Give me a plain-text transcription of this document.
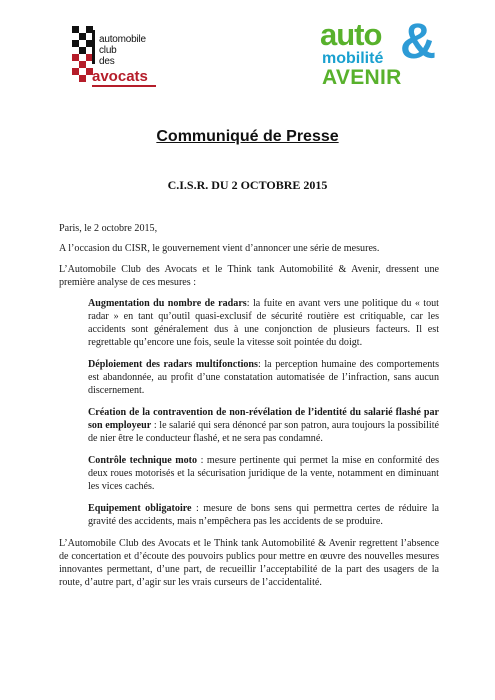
automobile
club
des
avocats
auto &
mobilité
AVENIR
Communiqué de Presse
C.I.S.R. DU 2 OCTOBRE 2015

Paris, le 2 octobre 2015,

A l’occasion du CISR, le gouvernement vient d’annoncer une série de mesures.

L’Automobile Club des Avocats et le Think tank Automobilité & Avenir, dressent une première analyse de ces mesures :

Augmentation du nombre de radars: la fuite en avant vers une politique du « tout radar » en tant qu’outil quasi-exclusif de sécurité routière est critiquable, car les accidents sont généralement dus à une conjonction de plusieurs facteurs. Il est regrettable qu’encore une fois, seule la vitesse soit pointée du doigt.
Déploiement des radars multifonctions: la perception humaine des comportements est abandonnée, au profit d’une constatation automatisée de l’infraction, sans aucun discernement.
Création de la contravention de non-révélation de l’identité du salarié flashé par son employeur : le salarié qui sera dénoncé par son patron, aura toujours la possibilité de nier être le conducteur flashé, et ne sera pas condamné.
Contrôle technique moto : mesure pertinente qui permet la mise en conformité des deux roues motorisés et la sécurisation juridique de la vente, notamment en diminuant les vices cachés.
Equipement obligatoire : mesure de bons sens qui permettra certes de réduire la gravité des accidents, mais n’empêchera pas les accidents de se produire.

L’Automobile Club des Avocats et le Think tank Automobilité & Avenir regrettent l’absence de concertation et d’écoute des pouvoirs publics pour mettre en œuvre des nouvelles mesures innovantes permettant, d’une part, de recueillir l’acceptabilité de la part des usagers de la route, d’autre part, d’agir sur les vrais curseurs de l’accidentalité.
